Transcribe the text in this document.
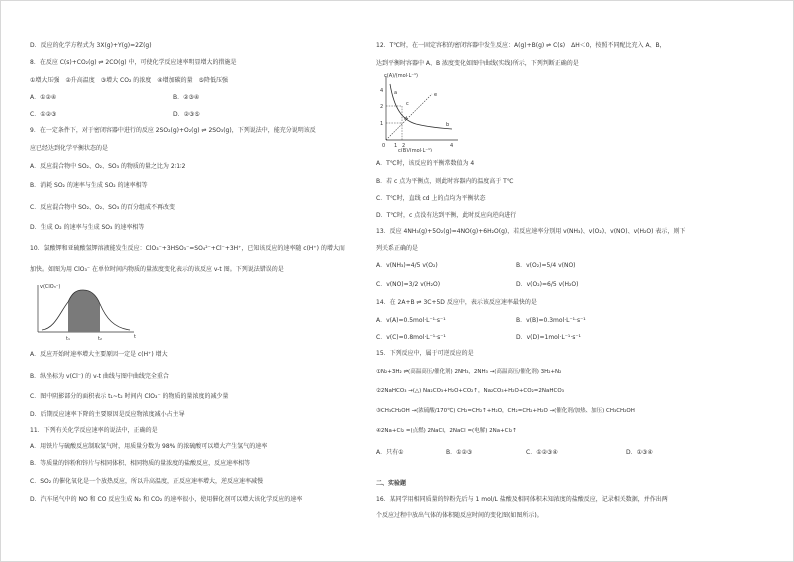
D．反应的化学方程式为 3X(g)+Y(g)=2Z(g)
8．在反应 C(s)+CO₂(g) ⇌ 2CO(g) 中，可使化学反应速率明显增大的措施是
①增大压强　②升高温度　③增大 CO₂ 的浓度　④增加碳的量　⑤降低压强
A．①②④	B．②③④
C．①②③	D．②③⑤
9．在一定条件下，对于密闭容器中进行的反应 2SO₂(g)+O₂(g) ⇌ 2SO₃(g)，下列说法中，能充分说明该反
应已经达到化学平衡状态的是
A．反应混合物中 SO₂、O₂、SO₃ 的物质的量之比为 2∶1∶2
B．消耗 SO₂ 的速率与生成 SO₂ 的速率相等
C．反应混合物中 SO₂、O₂、SO₃ 的百分组成不再改变
D．生成 O₂ 的速率与生成 SO₃ 的速率相等
10．氯酸钾和亚硫酸氢钾溶液能发生反应：ClO₃⁻+3HSO₃⁻=SO₄²⁻+Cl⁻+3H⁺，已知该反应的速率随 c(H⁺) 的增大而
加快。如图为用 ClO₃⁻ 在单位时间内物质的量浓度变化表示的该反应 v-t 图。下列说法错误的是
v(ClO₃⁻)
t₁	t₂	t
A．反应开始时速率增大主要原因一定是 c(H⁺) 增大
B．纵坐标为 v(Cl⁻) 的 v-t 曲线与图中曲线完全重合
C．图中阴影部分的面积表示 t₁~t₂ 时间内 ClO₃⁻ 的物质的量浓度的减少量
D．后期反应速率下降的主要原因是反应物浓度减小占主导
11．下列有关化学反应速率的说法中，正确的是
A．用铁片与硫酸反应制取氢气时，用质量分数为 98% 的浓硫酸可以增大产生氢气的速率
B．等质量的锌粉和锌片与相同体积、相同物质的量浓度的盐酸反应，反应速率相等
C．SO₂ 的催化氧化是一个放热反应，所以升高温度，正反应速率增大，逆反应速率减慢
D．汽车尾气中的 NO 和 CO 反应生成 N₂ 和 CO₂ 的速率很小，使用催化剂可以增大该化学反应的速率
12．T℃时，在一固定容积的密闭容器中发生反应：A(g)+B(g) ⇌ C(s)　ΔH＜0，按照不同配比充入 A、B，
达到平衡时容器中 A、B 浓度变化如图中曲线(实线)所示，下列判断正确的是
c(A)/(mol·L⁻¹)
4
2
1
0 1 2	4
c(B)/(mol·L⁻¹)
a
b
c
d
e
A．T℃时，该反应的平衡常数值为 4
B．若 c 点为平衡点，则此时容器内的温度高于 T℃
C．T℃时，直线 cd 上的点均为平衡状态
D．T℃时，c 点没有达到平衡，此时反应向逆向进行
13．反应 4NH₃(g)+5O₂(g)=4NO(g)+6H₂O(g)，若反应速率分别用 v(NH₃)、v(O₂)、v(NO)、v(H₂O) 表示，则下
列关系正确的是
A．v(NH₃)=4/5 v(O₂)	B．v(O₂)=5/4 v(NO)
C．v(NO)=3/2 v(H₂O)	D．v(O₂)=6/5 v(H₂O)
14．在 2A+B ⇌ 3C+5D 反应中，表示该反应速率最快的是
A．v(A)=0.5mol·L⁻¹·s⁻¹	B．v(B)=0.3mol·L⁻¹·s⁻¹
C．v(C)=0.8mol·L⁻¹·s⁻¹	D．v(D)=1mol·L⁻¹·s⁻¹
15．下列反应中，属于可逆反应的是
①N₂+3H₂ ⇌(高温高压/催化剂) 2NH₃，2NH₃ →(高温高压/催化剂) 3H₂+N₂
②2NaHCO₃ →(△) Na₂CO₃+H₂O+CO₂↑，Na₂CO₃+H₂O+CO₂=2NaHCO₃
③CH₃CH₂OH →(浓硫酸/170℃) CH₂=CH₂↑+H₂O，CH₂=CH₂+H₂O →(催化剂/加热、加压) CH₃CH₂OH
④2Na+Cl₂ =(点燃) 2NaCl，2NaCl =(电解) 2Na+Cl₂↑
A．只有①	B．①②③	C．①②③④	D．①③④
二、实验题
16．某同学用相同质量的锌粉先后与 1 mol/L 盐酸及相同体积未知浓度的盐酸反应，记录相关数据，并作出两
个反应过程中放出气体的体积随反应时间的变化图(如图所示)。
